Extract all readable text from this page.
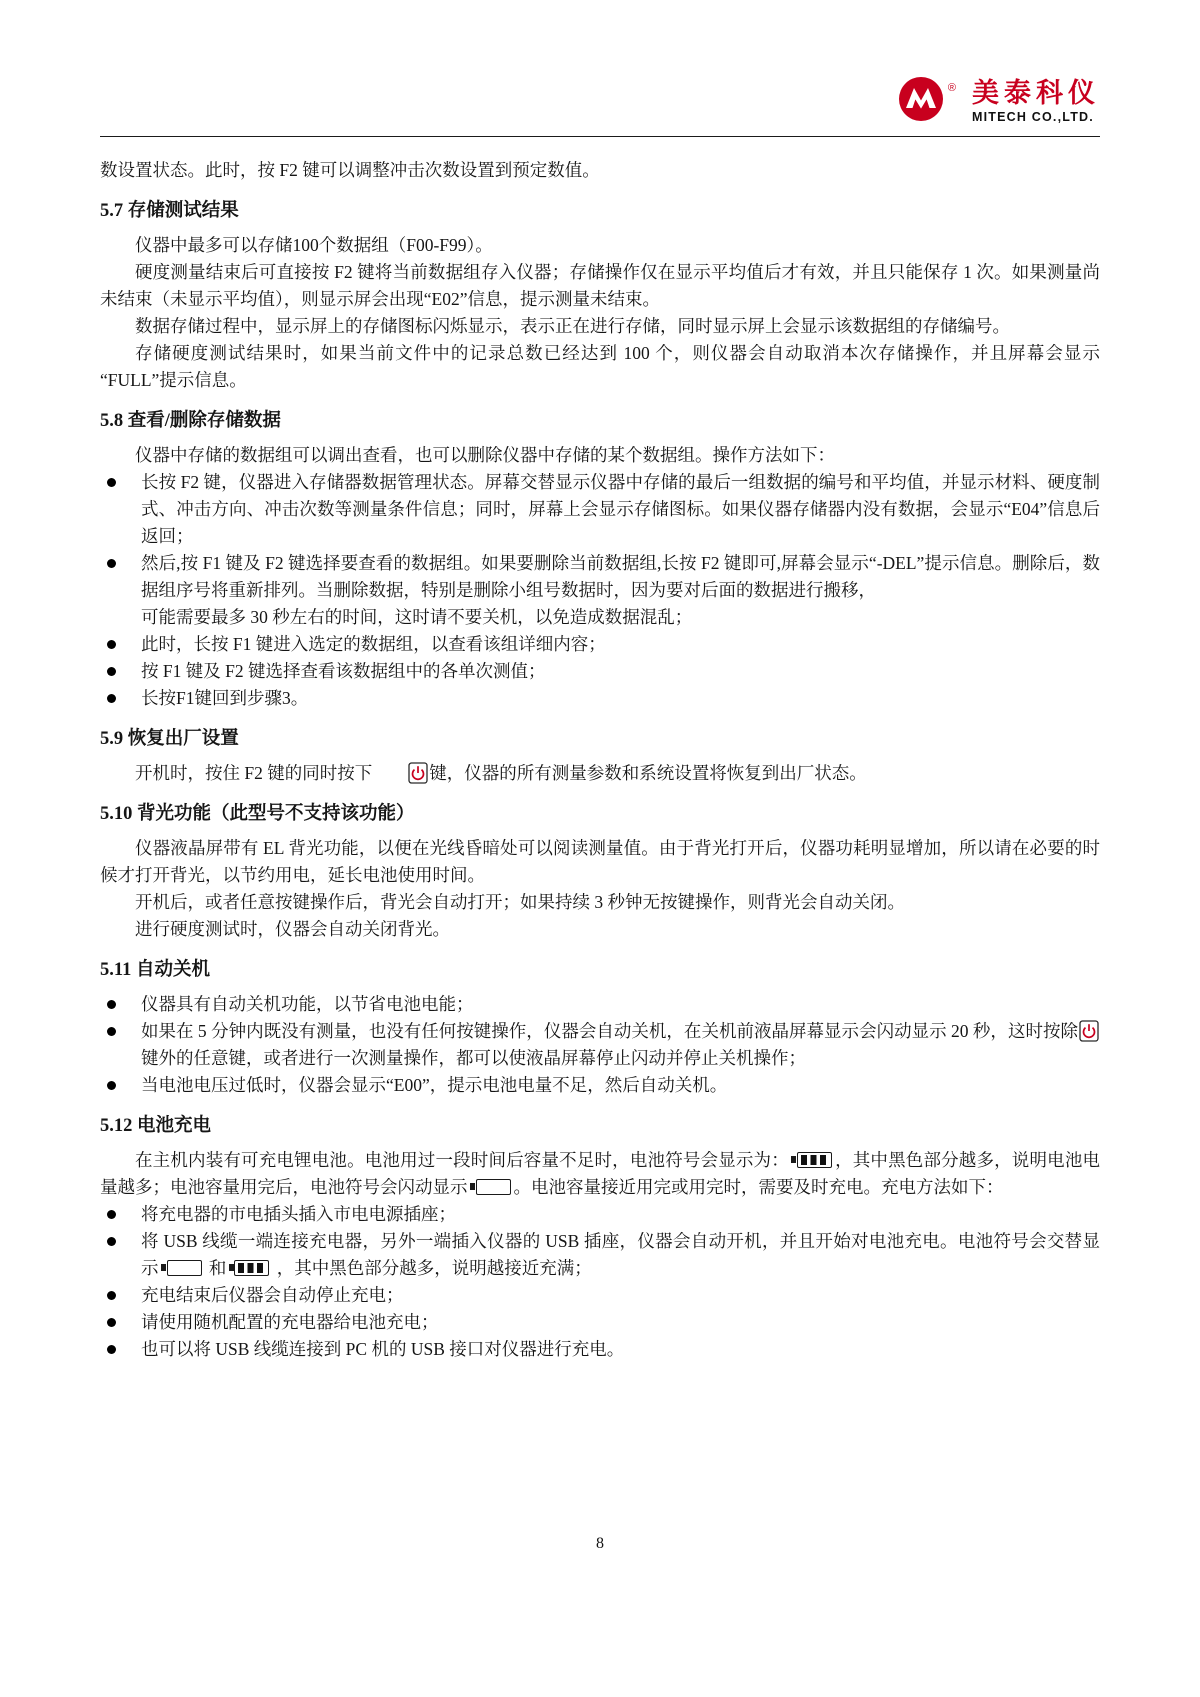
® 美泰科仪
MITECH CO.,LTD.

数设置状态。此时，按 F2 键可以调整冲击次数设置到预定数值。

5.7 存储测试结果

仪器中最多可以存储100个数据组（F00-F99）。

硬度测量结束后可直接按 F2 键将当前数据组存入仪器；存储操作仅在显示平均值后才有效，并且只能保存 1 次。如果测量尚未结束（未显示平均值），则显示屏会出现“E02”信息，提示测量未结束。

数据存储过程中，显示屏上的存储图标闪烁显示，表示正在进行存储，同时显示屏上会显示该数据组的存储编号。

存储硬度测试结果时，如果当前文件中的记录总数已经达到 100 个，则仪器会自动取消本次存储操作，并且屏幕会显示“FULL”提示信息。

5.8 查看/删除存储数据

仪器中存储的数据组可以调出查看，也可以删除仪器中存储的某个数据组。操作方法如下：

长按 F2 键，仪器进入存储器数据管理状态。屏幕交替显示仪器中存储的最后一组数据的编号和平均值，并显示材料、硬度制式、冲击方向、冲击次数等测量条件信息；同时，屏幕上会显示存储图标。如果仪器存储器内没有数据，会显示“E04”信息后返回；
然后,按 F1 键及 F2 键选择要查看的数据组。如果要删除当前数据组,长按 F2 键即可,屏幕会显示“-DEL”提示信息。删除后，数据组序号将重新排列。当删除数据，特别是删除小组号数据时，因为要对后面的数据进行搬移，
可能需要最多 30 秒左右的时间，这时请不要关机，以免造成数据混乱；
此时，长按 F1 键进入选定的数据组，以查看该组详细内容；
按 F1 键及 F2 键选择查看该数据组中的各单次测值；
长按F1键回到步骤3。
5.9 恢复出厂设置

开机时，按住 F2 键的同时按下	键，仪器的所有测量参数和系统设置将恢复到出厂状态。

5.10 背光功能（此型号不支持该功能）

仪器液晶屏带有 EL 背光功能，以便在光线昏暗处可以阅读测量值。由于背光打开后，仪器功耗明显增加，所以请在必要的时候才打开背光，以节约用电，延长电池使用时间。

开机后，或者任意按键操作后，背光会自动打开；如果持续 3 秒钟无按键操作，则背光会自动关闭。

进行硬度测试时，仪器会自动关闭背光。

5.11 自动关机
仪器具有自动关机功能，以节省电池电能；
如果在 5 分钟内既没有测量，也没有任何按键操作，仪器会自动关机，在关机前液晶屏幕显示会闪动显示 20 秒，这时按除键外的任意键，或者进行一次测量操作，都可以使液晶屏幕停止闪动并停止关机操作；
当电池电压过低时，仪器会显示“E00”，提示电池电量不足，然后自动关机。
5.12 电池充电

在主机内装有可充电锂电池。电池用过一段时间后容量不足时，电池符号会显示为：	，其中黑色部分越多，说明电池电量越多；电池容量用完后，电池符号会闪动显示	。电池容量接近用完或用完时，需要及时充电。充电方法如下：

将充电器的市电插头插入市电电源插座；
将 USB 线缆一端连接充电器，另外一端插入仪器的 USB 插座，仪器会自动开机，并且开始对电池充电。电池符号会交替显示	和	，其中黑色部分越多，说明越接近充满；
充电结束后仪器会自动停止充电；
请使用随机配置的充电器给电池充电；
也可以将 USB 线缆连接到 PC 机的 USB 接口对仪器进行充电。
8
